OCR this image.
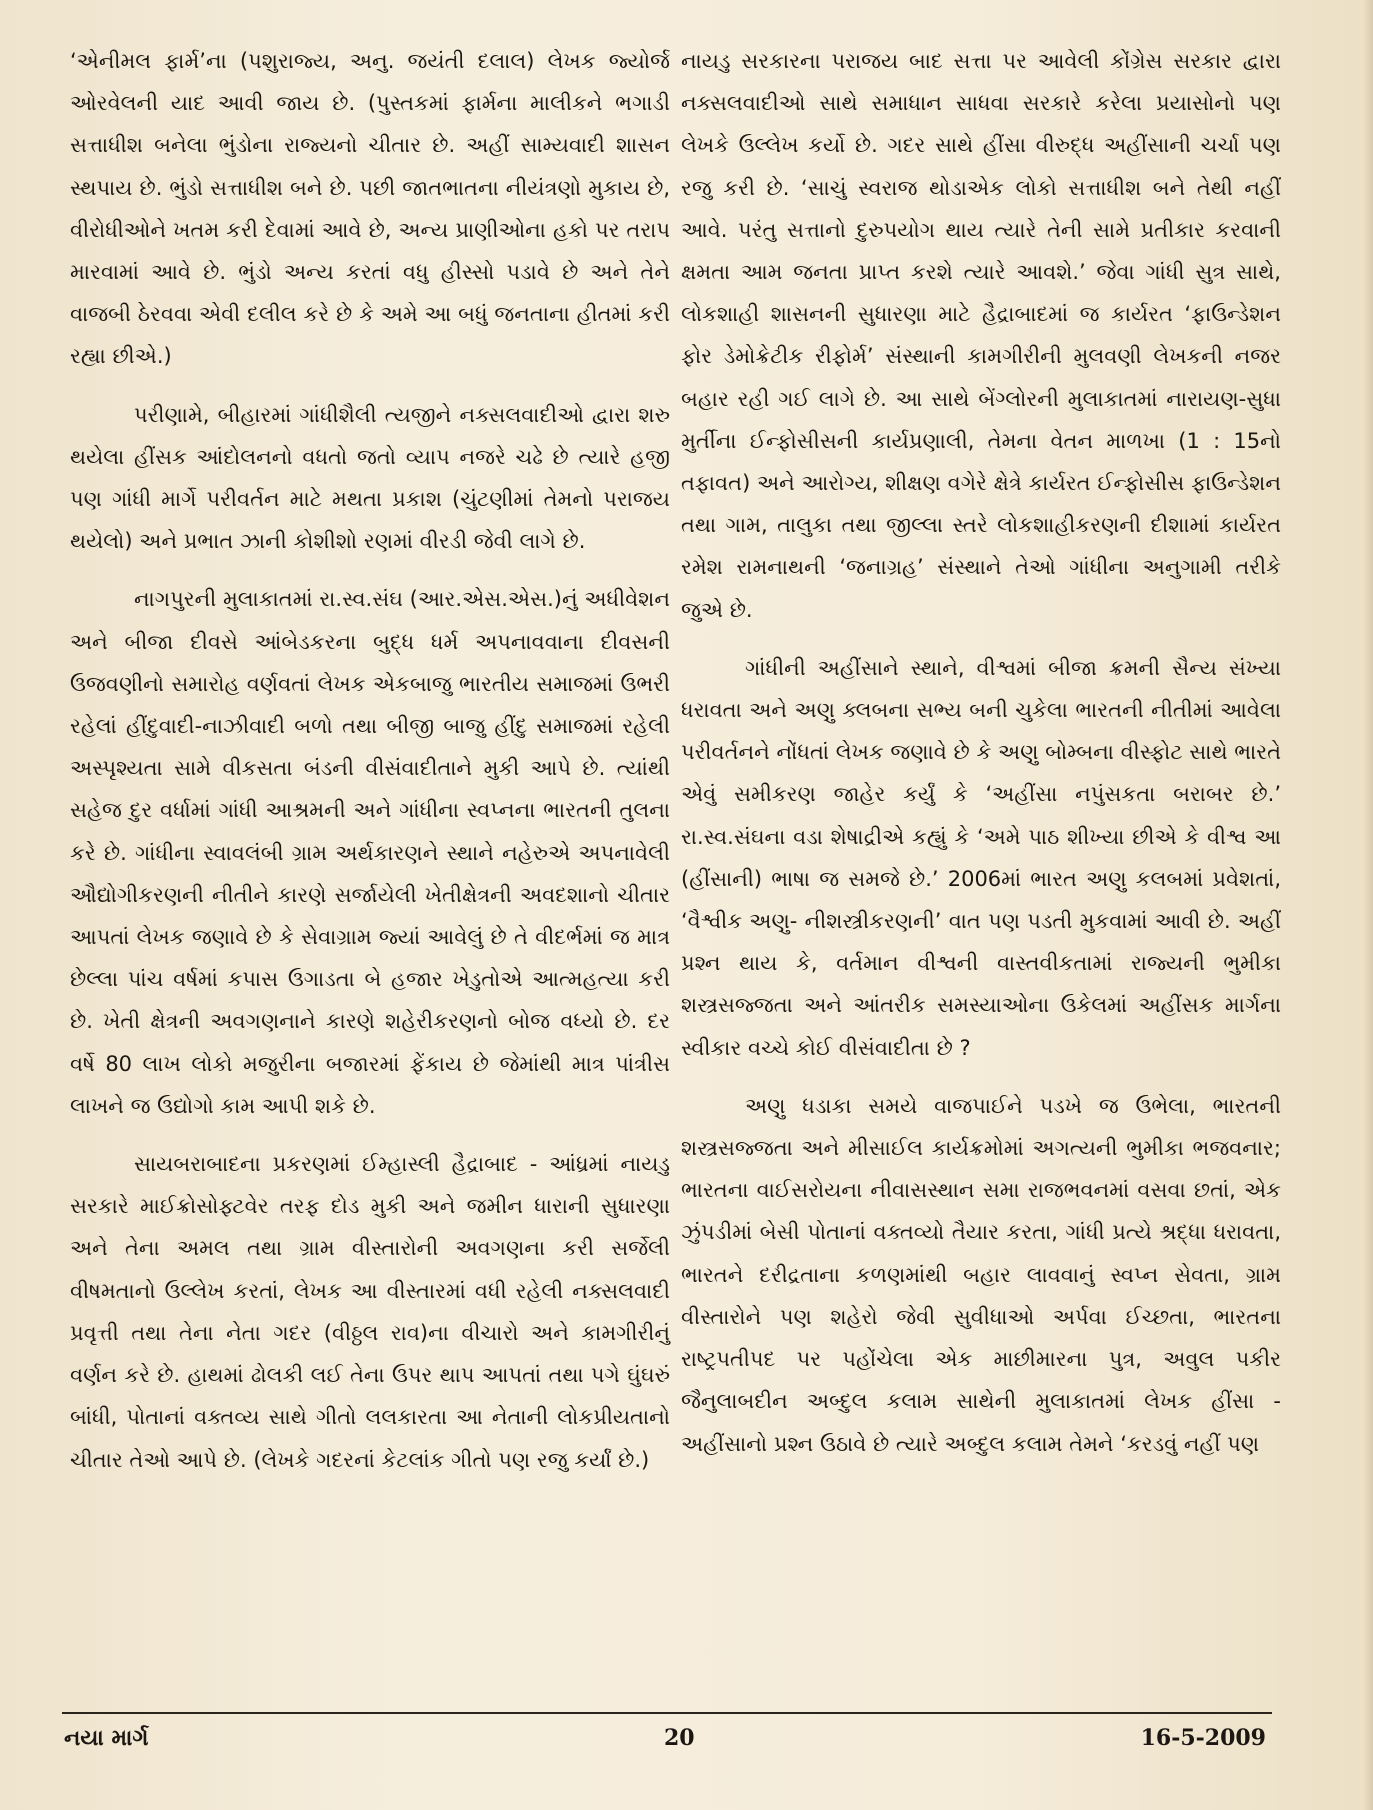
‘એનીમલ ફાર્મ’ના (પશુરાજ્ય, અનુ. જયંતી દલાલ) લેખક જ્યોર્જ ઓરવેલની યાદ આવી જાય છે. (પુસ્તકમાં ફાર્મના માલીકને ભગાડી સત્તાધીશ બનેલા ભુંડોના રાજ્યનો ચીતાર છે. અહીં સામ્યવાદી શાસન સ્થપાય છે. ભુંડો સત્તાધીશ બને છે. પછી જાતભાતના નીયંત્રણો મુકાય છે, વીરોધીઓને ખતમ કરી દેવામાં આવે છે, અન્ય પ્રાણીઓના હકો પર તરાપ મારવામાં આવે છે. ભુંડો અન્ય કરતાં વધુ હીસ્સો પડાવે છે અને તેને વાજબી ઠેરવવા એવી દલીલ કરે છે કે અમે આ બધું જનતાના હીતમાં કરી રહ્યા છીએ.)

પરીણામે, બીહારમાં ગાંધીશૈલી ત્યજીને નક્સલવાદીઓ દ્વારા શરુ થયેલા હીંસક આંદોલનનો વધતો જતો વ્યાપ નજરે ચઢે છે ત્યારે હજી પણ ગાંધી માર્ગે પરીવર્તન માટે મથતા પ્રકાશ (ચુંટણીમાં તેમનો પરાજય થયેલો) અને પ્રભાત ઝાની કોશીશો રણમાં વીરડી જેવી લાગે છે.

નાગપુરની મુલાકાતમાં રા.સ્વ.સંઘ (આર.એસ.એસ.)નું અધીવેશન અને બીજા દીવસે આંબેડકરના બુદ્ધ ધર્મ અપનાવવાના દીવસની ઉજવણીનો સમારોહ વર્ણવતાં લેખક એકબાજુ ભારતીય સમાજમાં ઉભરી રહેલાં હીંદુવાદી-નાઝીવાદી બળો તથા બીજી બાજુ હીંદુ સમાજમાં રહેલી અસ્પૃશ્યતા સામે વીકસતા બંડની વીસંવાદીતાને મુકી આપે છે. ત્યાંથી સહેજ દુર વર્ધામાં ગાંધી આશ્રમની અને ગાંધીના સ્વપ્નના ભારતની તુલના કરે છે. ગાંધીના સ્વાવલંબી ગ્રામ અર્થકારણને સ્થાને નહેરુએ અપનાવેલી ઔદ્યોગીકરણની નીતીને કારણે સર્જાયેલી ખેતીક્ષેત્રની અવદશાનો ચીતાર આપતાં લેખક જણાવે છે કે સેવાગ્રામ જ્યાં આવેલું છે તે વીદર્ભમાં જ માત્ર છેલ્લા પાંચ વર્ષમાં કપાસ ઉગાડતા બે હજાર ખેડુતોએ આત્મહત્યા કરી છે. ખેતી ક્ષેત્રની અવગણનાને કારણે શહેરીકરણનો બોજ વધ્યો છે. દર વર્ષે 80 લાખ લોકો મજુરીના બજારમાં ફેંકાય છે જેમાંથી માત્ર પાંત્રીસ લાખને જ ઉદ્યોગો કામ આપી શકે છે.

સાયબરાબાદના પ્રકરણમાં ઈમ્હાસ્લી હૈદ્રાબાદ - આંધ્રમાં નાયડુ સરકારે માઈક્રોસોફ્ટવેર તરફ દોડ મુકી અને જમીન ધારાની સુધારણા અને તેના અમલ તથા ગ્રામ વીસ્તારોની અવગણના કરી સર્જેલી વીષમતાનો ઉલ્લેખ કરતાં, લેખક આ વીસ્તારમાં વધી રહેલી નક્સલવાદી પ્રવૃત્તી તથા તેના નેતા ગદર (વીઠ્ઠલ રાવ)ના વીચારો અને કામગીરીનું વર્ણન કરે છે. હાથમાં ઢોલકી લઈ તેના ઉપર થાપ આપતાં તથા પગે ઘુંઘરું બાંધી, પોતાનાં વક્તવ્ય સાથે ગીતો લલકારતા આ નેતાની લોકપ્રીયતાનો ચીતાર તેઓ આપે છે. (લેખકે ગદરનાં કેટલાંક ગીતો પણ રજુ કર્યાં છે.)

નાયડુ સરકારના પરાજય બાદ સત્તા પર આવેલી કોંગ્રેસ સરકાર દ્વારા નક્સલવાદીઓ સાથે સમાધાન સાધવા સરકારે કરેલા પ્રયાસોનો પણ લેખકે ઉલ્લેખ કર્યો છે. ગદર સાથે હીંસા વીરુદ્ધ અહીંસાની ચર્ચા પણ રજુ કરી છે. ‘સાચું સ્વરાજ થોડાએક લોકો સત્તાધીશ બને તેથી નહીં આવે. પરંતુ સત્તાનો દુરુપયોગ થાય ત્યારે તેની સામે પ્રતીકાર કરવાની ક્ષમતા આમ જનતા પ્રાપ્ત કરશે ત્યારે આવશે.’ જેવા ગાંધી સુત્ર સાથે, લોકશાહી શાસનની સુધારણા માટે હૈદ્રાબાદમાં જ કાર્યરત ‘ફાઉન્ડેશન ફોર ડેમોક્રેટીક રીફોર્મ’ સંસ્થાની કામગીરીની મુલવણી લેખકની નજર બહાર રહી ગઈ લાગે છે. આ સાથે બેંગ્લોરની મુલાકાતમાં નારાયણ-સુધા મુર્તીના ઈન્ફોસીસની કાર્યપ્રણાલી, તેમના વેતન માળખા (1 : 15નો તફાવત) અને આરોગ્ય, શીક્ષણ વગેરે ક્ષેત્રે કાર્યરત ઈન્ફોસીસ ફાઉન્ડેશન તથા ગામ, તાલુકા તથા જીલ્લા સ્તરે લોકશાહીકરણની દીશામાં કાર્યરત રમેશ રામનાથની ‘જનાગ્રહ’ સંસ્થાને તેઓ ગાંધીના અનુગામી તરીકે જુએ છે.

ગાંધીની અહીંસાને સ્થાને, વીશ્વમાં બીજા ક્રમની સૈન્ય સંખ્યા ધરાવતા અને અણુ ક્લબના સભ્ય બની ચુકેલા ભારતની નીતીમાં આવેલા પરીવર્તનને નોંધતાં લેખક જણાવે છે કે અણુ બોમ્બના વીસ્ફોટ સાથે ભારતે એવું સમીકરણ જાહેર કર્યું કે ‘અહીંસા નપુંસકતા બરાબર છે.’ રા.સ્વ.સંઘના વડા શેષાદ્રીએ કહ્યું કે ‘અમે પાઠ શીખ્યા છીએ કે વીશ્વ આ (હીંસાની) ભાષા જ સમજે છે.’ 2006માં ભારત અણુ કલબમાં પ્રવેશતાં, ‘વૈશ્વીક અણુ- નીશસ્ત્રીકરણની’ વાત પણ પડતી મુકવામાં આવી છે. અહીં પ્રશ્ન થાય કે, વર્તમાન વીશ્વની વાસ્તવીકતામાં રાજ્યની ભુમીકા શસ્ત્રસજ્જતા અને આંતરીક સમસ્યાઓના ઉકેલમાં અહીંસક માર્ગના સ્વીકાર વચ્ચે કોઈ વીસંવાદીતા છે ?

અણુ ધડાકા સમયે વાજપાઈને પડખે જ ઉભેલા, ભારતની શસ્ત્રસજ્જતા અને મીસાઈલ કાર્યક્રમોમાં અગત્યની ભુમીકા ભજવનાર; ભારતના વાઈસરોયના નીવાસસ્થાન સમા રાજભવનમાં વસવા છતાં, એક ઝુંપડીમાં બેસી પોતાનાં વક્તવ્યો તૈયાર કરતા, ગાંધી પ્રત્યે શ્રદ્ધા ધરાવતા, ભારતને દરીદ્રતાના કળણમાંથી બહાર લાવવાનું સ્વપ્ન સેવતા, ગ્રામ વીસ્તારોને પણ શહેરો જેવી સુવીધાઓ અર્પવા ઈચ્છતા, ભારતના રાષ્ટ્રપતીપદ પર પહોંચેલા એક માછીમારના પુત્ર, અવુલ પકીર જૈનુલાબદીન અબ્દુલ કલામ સાથેની મુલાકાતમાં લેખક હીંસા - અહીંસાનો પ્રશ્ન ઉઠાવે છે ત્યારે અબ્દુલ કલામ તેમને ‘કરડવું નહીં પણ

નયા માર્ગ	20	16-5-2009
